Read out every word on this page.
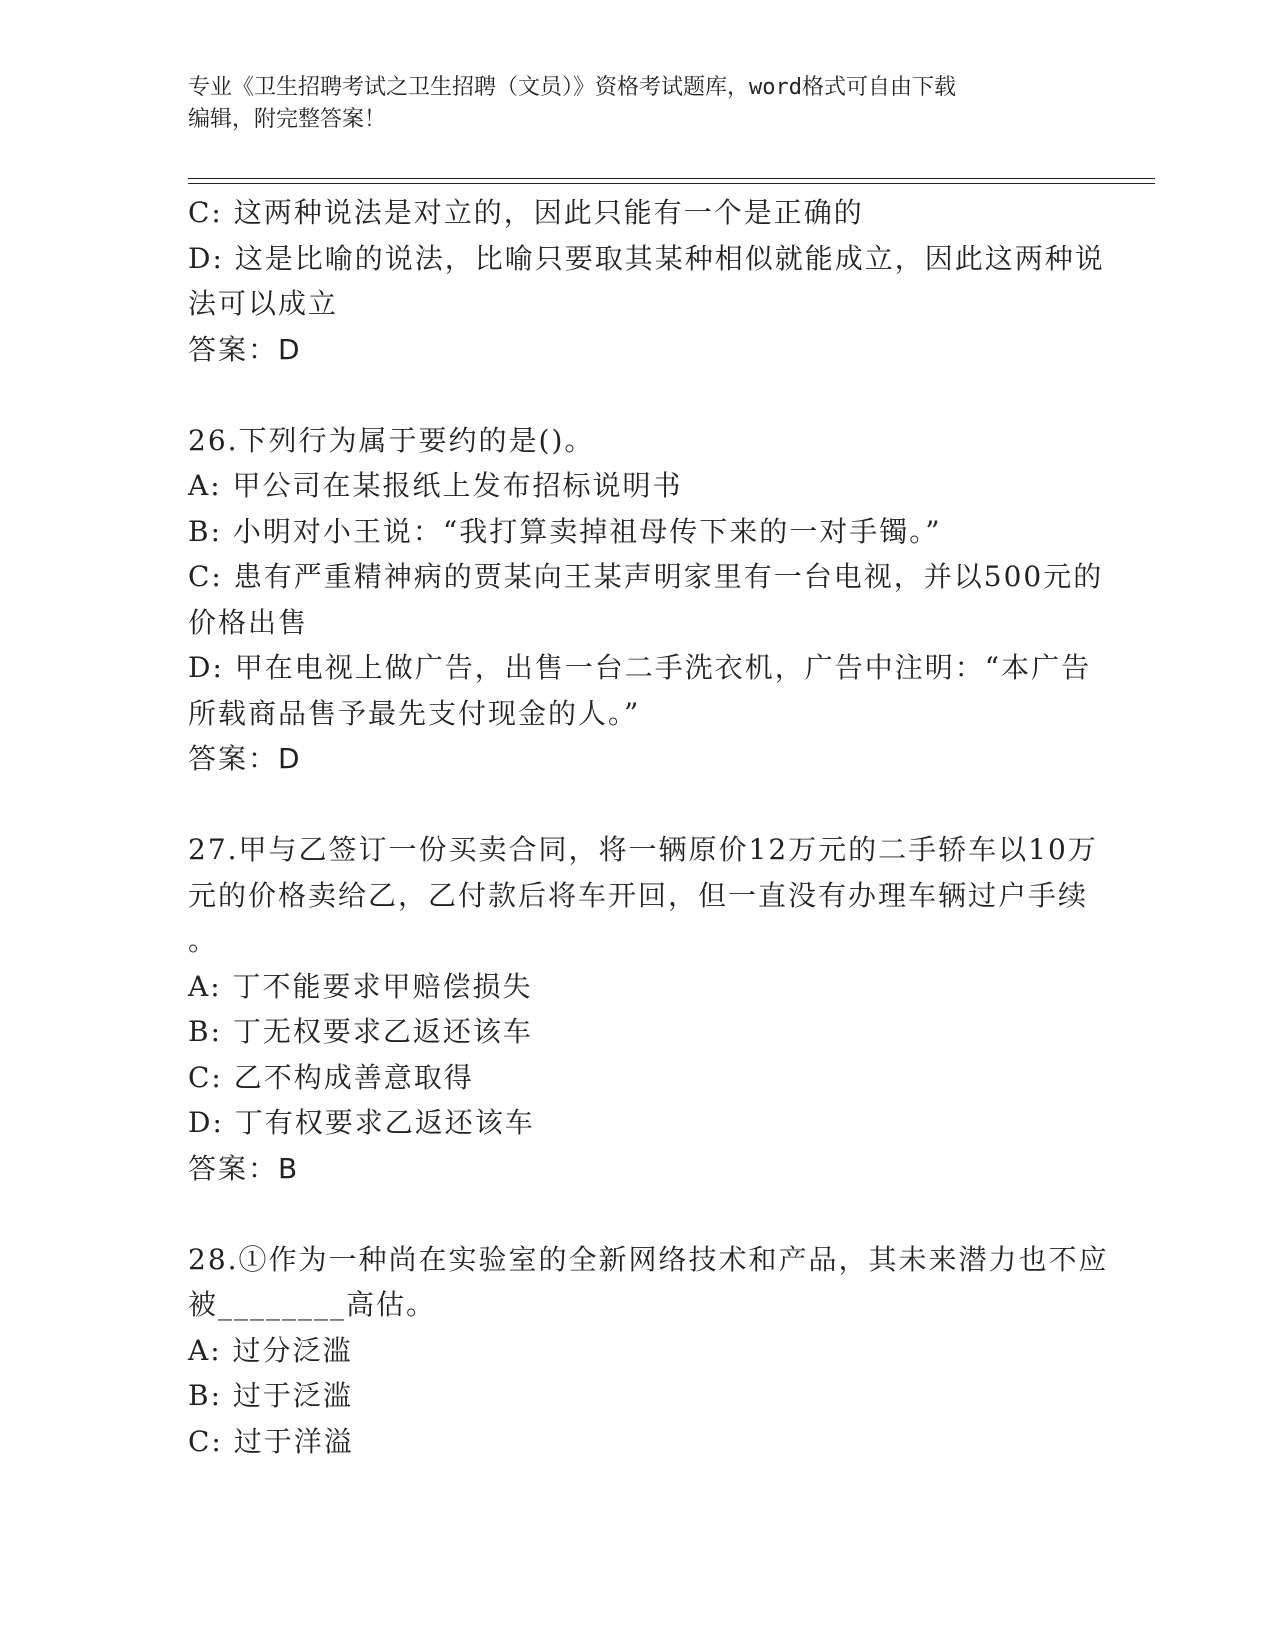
专业《卫生招聘考试之卫生招聘（文员）》资格考试题库，word格式可自由下载
编辑，附完整答案！
C: 这两种说法是对立的，因此只能有一个是正确的
D: 这是比喻的说法，比喻只要取其某种相似就能成立，因此这两种说
法可以成立
答案：D
26.下列行为属于要约的是()。
A: 甲公司在某报纸上发布招标说明书
B: 小明对小王说：“我打算卖掉祖母传下来的一对手镯。”
C: 患有严重精神病的贾某向王某声明家里有一台电视，并以500元的
价格出售
D: 甲在电视上做广告，出售一台二手洗衣机，广告中注明：“本广告
所载商品售予最先支付现金的人。”
答案：D
27.甲与乙签订一份买卖合同，将一辆原价12万元的二手轿车以10万
元的价格卖给乙，乙付款后将车开回，但一直没有办理车辆过户手续
。
A: 丁不能要求甲赔偿损失
B: 丁无权要求乙返还该车
C: 乙不构成善意取得
D: 丁有权要求乙返还该车
答案：B
28.①作为一种尚在实验室的全新网络技术和产品，其未来潜力也不应
被________高估。
A: 过分泛滥
B: 过于泛滥
C: 过于洋溢
